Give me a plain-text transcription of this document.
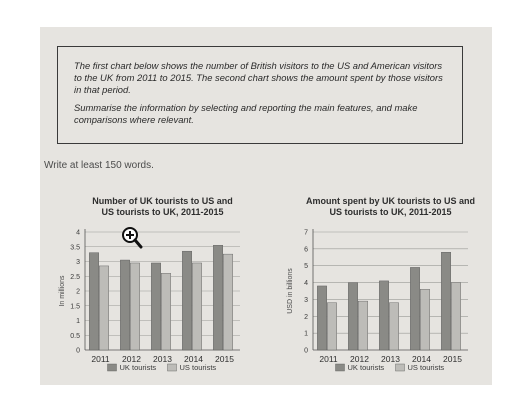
The first chart below shows the number of British visitors to the US and American visitors to the UK from 2011 to 2015. The second chart shows the amount spent by those visitors in that period.

Summarise the information by selecting and reporting the main features, and make comparisons where relevant.

Write at least 150 words.
Number of UK tourists to US and
US tourists to UK, 2011-2015
0
0.5
1
1.5
2
2.5
3
3.5
4
In millions
2011 2012 2013 2014 2015
UK tourists	US tourists
Amount spent by UK tourists to US and
US tourists to UK, 2011-2015
0
1
2
3
4
5
6
7
USD in billions
2011 2012 2013 2014 2015
UK tourists	US tourists
